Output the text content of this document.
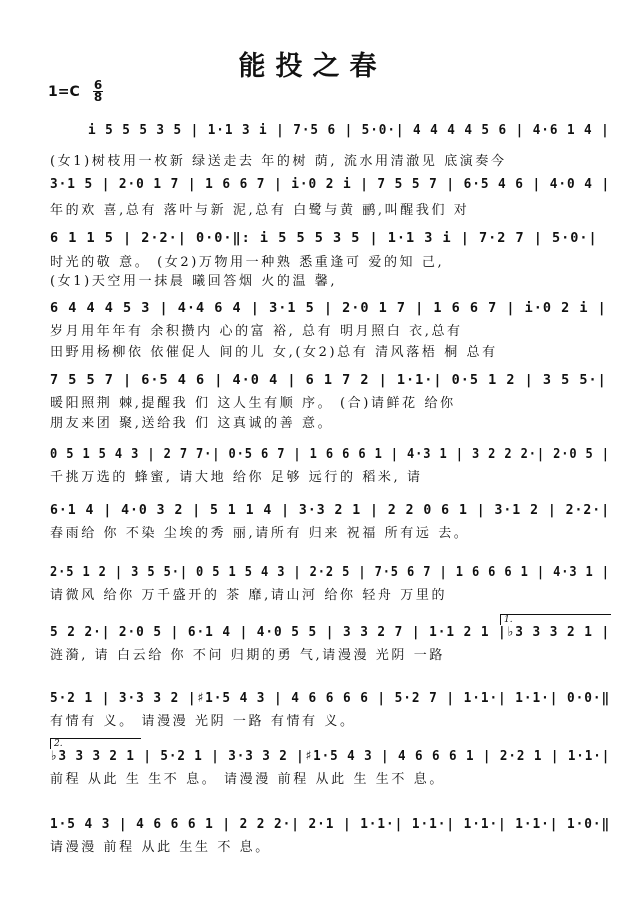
能投之春
1=C 6
8
i 5 5 5 3 5 | 1·1 3 i | 7·5 6 | 5·0·| 4 4 4 4 5 6 | 4·6 1 4 |
(女1)树枝用一枚新 绿送走去 年的树 荫, 流水用清澈见 底演奏今
3·1 5 | 2·0 1 7 | 1 6 6 7 | i·0 2 i | 7 5 5 7 | 6·5 4 6 | 4·0 4 |
年的欢 喜,总有 落叶与新 泥,总有 白鹭与黄 鹂,叫醒我们 对
6 1 1 5 | 2·2·| 0·0·‖: i 5 5 5 3 5 | 1·1 3 i | 7·2 7 | 5·0·|
时光的敬 意。 (女2)万物用一种熟 悉重逢可 爱的知 己,
(女1)天空用一抹晨 曦回答烟 火的温 馨,
6 4 4 4 5 3 | 4·4 6 4 | 3·1 5 | 2·0 1 7 | 1 6 6 7 | i·0 2 i |
岁月用年年有 余积攒内 心的富 裕, 总有 明月照白 衣,总有
田野用杨柳依 依催促人 间的儿 女,(女2)总有 清风落梧 桐 总有
7 5 5 7 | 6·5 4 6 | 4·0 4 | 6 1 7 2 | 1·1·| 0·5 1 2 | 3 5 5·|
暖阳照荆 棘,提醒我 们 这人生有顺 序。 (合)请鲜花 给你
朋友来团 聚,送给我 们 这真诚的善 意。
0 5 1 5 4 3 | 2 7 7·| 0·5 6 7 | 1 6 6 6 1 | 4·3 1 | 3 2 2 2·| 2·0 5 |
千挑万选的 蜂蜜, 请大地 给你 足够 远行的 稻米, 请
6·1 4 | 4·0 3 2 | 5 1 1 4 | 3·3 2 1 | 2 2 0 6 1 | 3·1 2 | 2·2·|
春雨给 你 不染 尘埃的秀 丽,请所有 归来 祝福 所有远 去。
2·5 1 2 | 3 5 5·| 0 5 1 5 4 3 | 2·2 5 | 7·5 6 7 | 1 6 6 6 1 | 4·3 1 |
请微风 给你 万千盛开的 茶 靡,请山河 给你 轻舟 万里的
1.
5 2 2·| 2·0 5 | 6·1 4 | 4·0 5 5 | 3 3 2 7 | 1·1 2 1 |♭3 3 3 2 1 |
涟漪, 请 白云给 你 不问 归期的勇 气,请漫漫 光阴 一路
5·2 1 | 3·3 3 2 |♯1·5 4 3 | 4 6 6 6 6 | 5·2 7 | 1·1·| 1·1·| 0·0·‖
有情有 义。 请漫漫 光阴 一路 有情有 义。
2.
♭3 3 3 2 1 | 5·2 1 | 3·3 3 2 |♯1·5 4 3 | 4 6 6 6 1 | 2·2 1 | 1·1·|
前程 从此 生 生不 息。 请漫漫 前程 从此 生 生不 息。
1·5 4 3 | 4 6 6 6 1 | 2 2 2·| 2·1 | 1·1·| 1·1·| 1·1·| 1·1·| 1·0·‖
请漫漫 前程 从此 生生 不 息。
